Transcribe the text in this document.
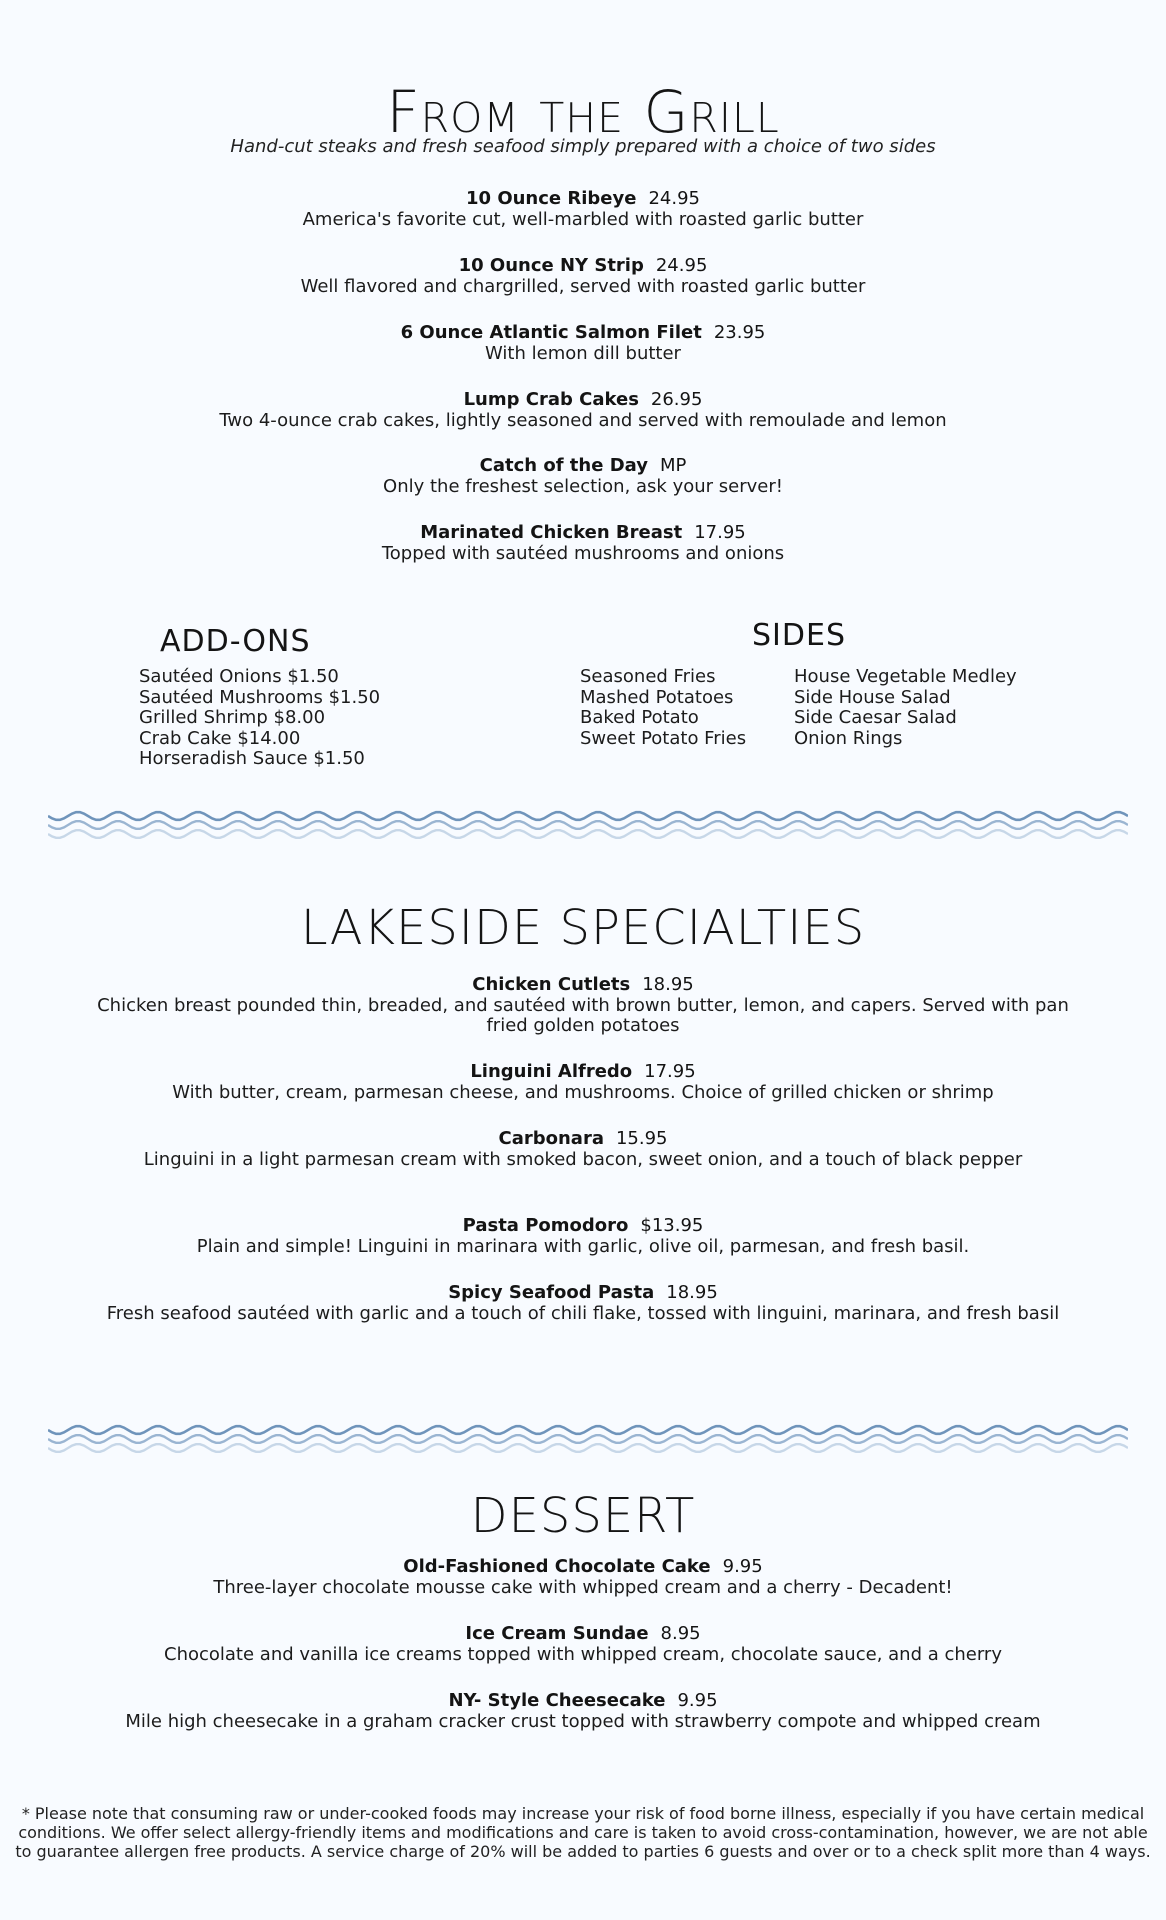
From the Grill
Hand-cut steaks and fresh seafood simply prepared with a choice of two sides
10 Ounce Ribeye 24.95
America's favorite cut, well-marbled with roasted garlic butter
10 Ounce NY Strip 24.95
Well flavored and chargrilled, served with roasted garlic butter
6 Ounce Atlantic Salmon Filet 23.95
With lemon dill butter
Lump Crab Cakes 26.95
Two 4-ounce crab cakes, lightly seasoned and served with remoulade and lemon
Catch of the Day MP
Only the freshest selection, ask your server!
Marinated Chicken Breast 17.95
Topped with sautéed mushrooms and onions
ADD-ONS
Sautéed Onions $1.50
Sautéed Mushrooms $1.50
Grilled Shrimp $8.00
Crab Cake $14.00
Horseradish Sauce $1.50
SIDES
Seasoned Fries
Mashed Potatoes
Baked Potato
Sweet Potato Fries
House Vegetable Medley
Side House Salad
Side Caesar Salad
Onion Rings
LAKESIDE SPECIALTIES
Chicken Cutlets 18.95
Chicken breast pounded thin, breaded, and sautéed with brown butter, lemon, and capers. Served with pan fried golden potatoes
Linguini Alfredo 17.95
With butter, cream, parmesan cheese, and mushrooms. Choice of grilled chicken or shrimp
Carbonara 15.95
Linguini in a light parmesan cream with smoked bacon, sweet onion, and a touch of black pepper
Pasta Pomodoro $13.95
Plain and simple! Linguini in marinara with garlic, olive oil, parmesan, and fresh basil.
Spicy Seafood Pasta 18.95
Fresh seafood sautéed with garlic and a touch of chili flake, tossed with linguini, marinara, and fresh basil
DESSERT
Old-Fashioned Chocolate Cake 9.95
Three-layer chocolate mousse cake with whipped cream and a cherry - Decadent!
Ice Cream Sundae 8.95
Chocolate and vanilla ice creams topped with whipped cream, chocolate sauce, and a cherry
NY- Style Cheesecake 9.95
Mile high cheesecake in a graham cracker crust topped with strawberry compote and whipped cream
* Please note that consuming raw or under-cooked foods may increase your risk of food borne illness, especially if you have certain medical conditions. We offer select allergy-friendly items and modifications and care is taken to avoid cross-contamination, however, we are not able to guarantee allergen free products. A service charge of 20% will be added to parties 6 guests and over or to a check split more than 4 ways.
